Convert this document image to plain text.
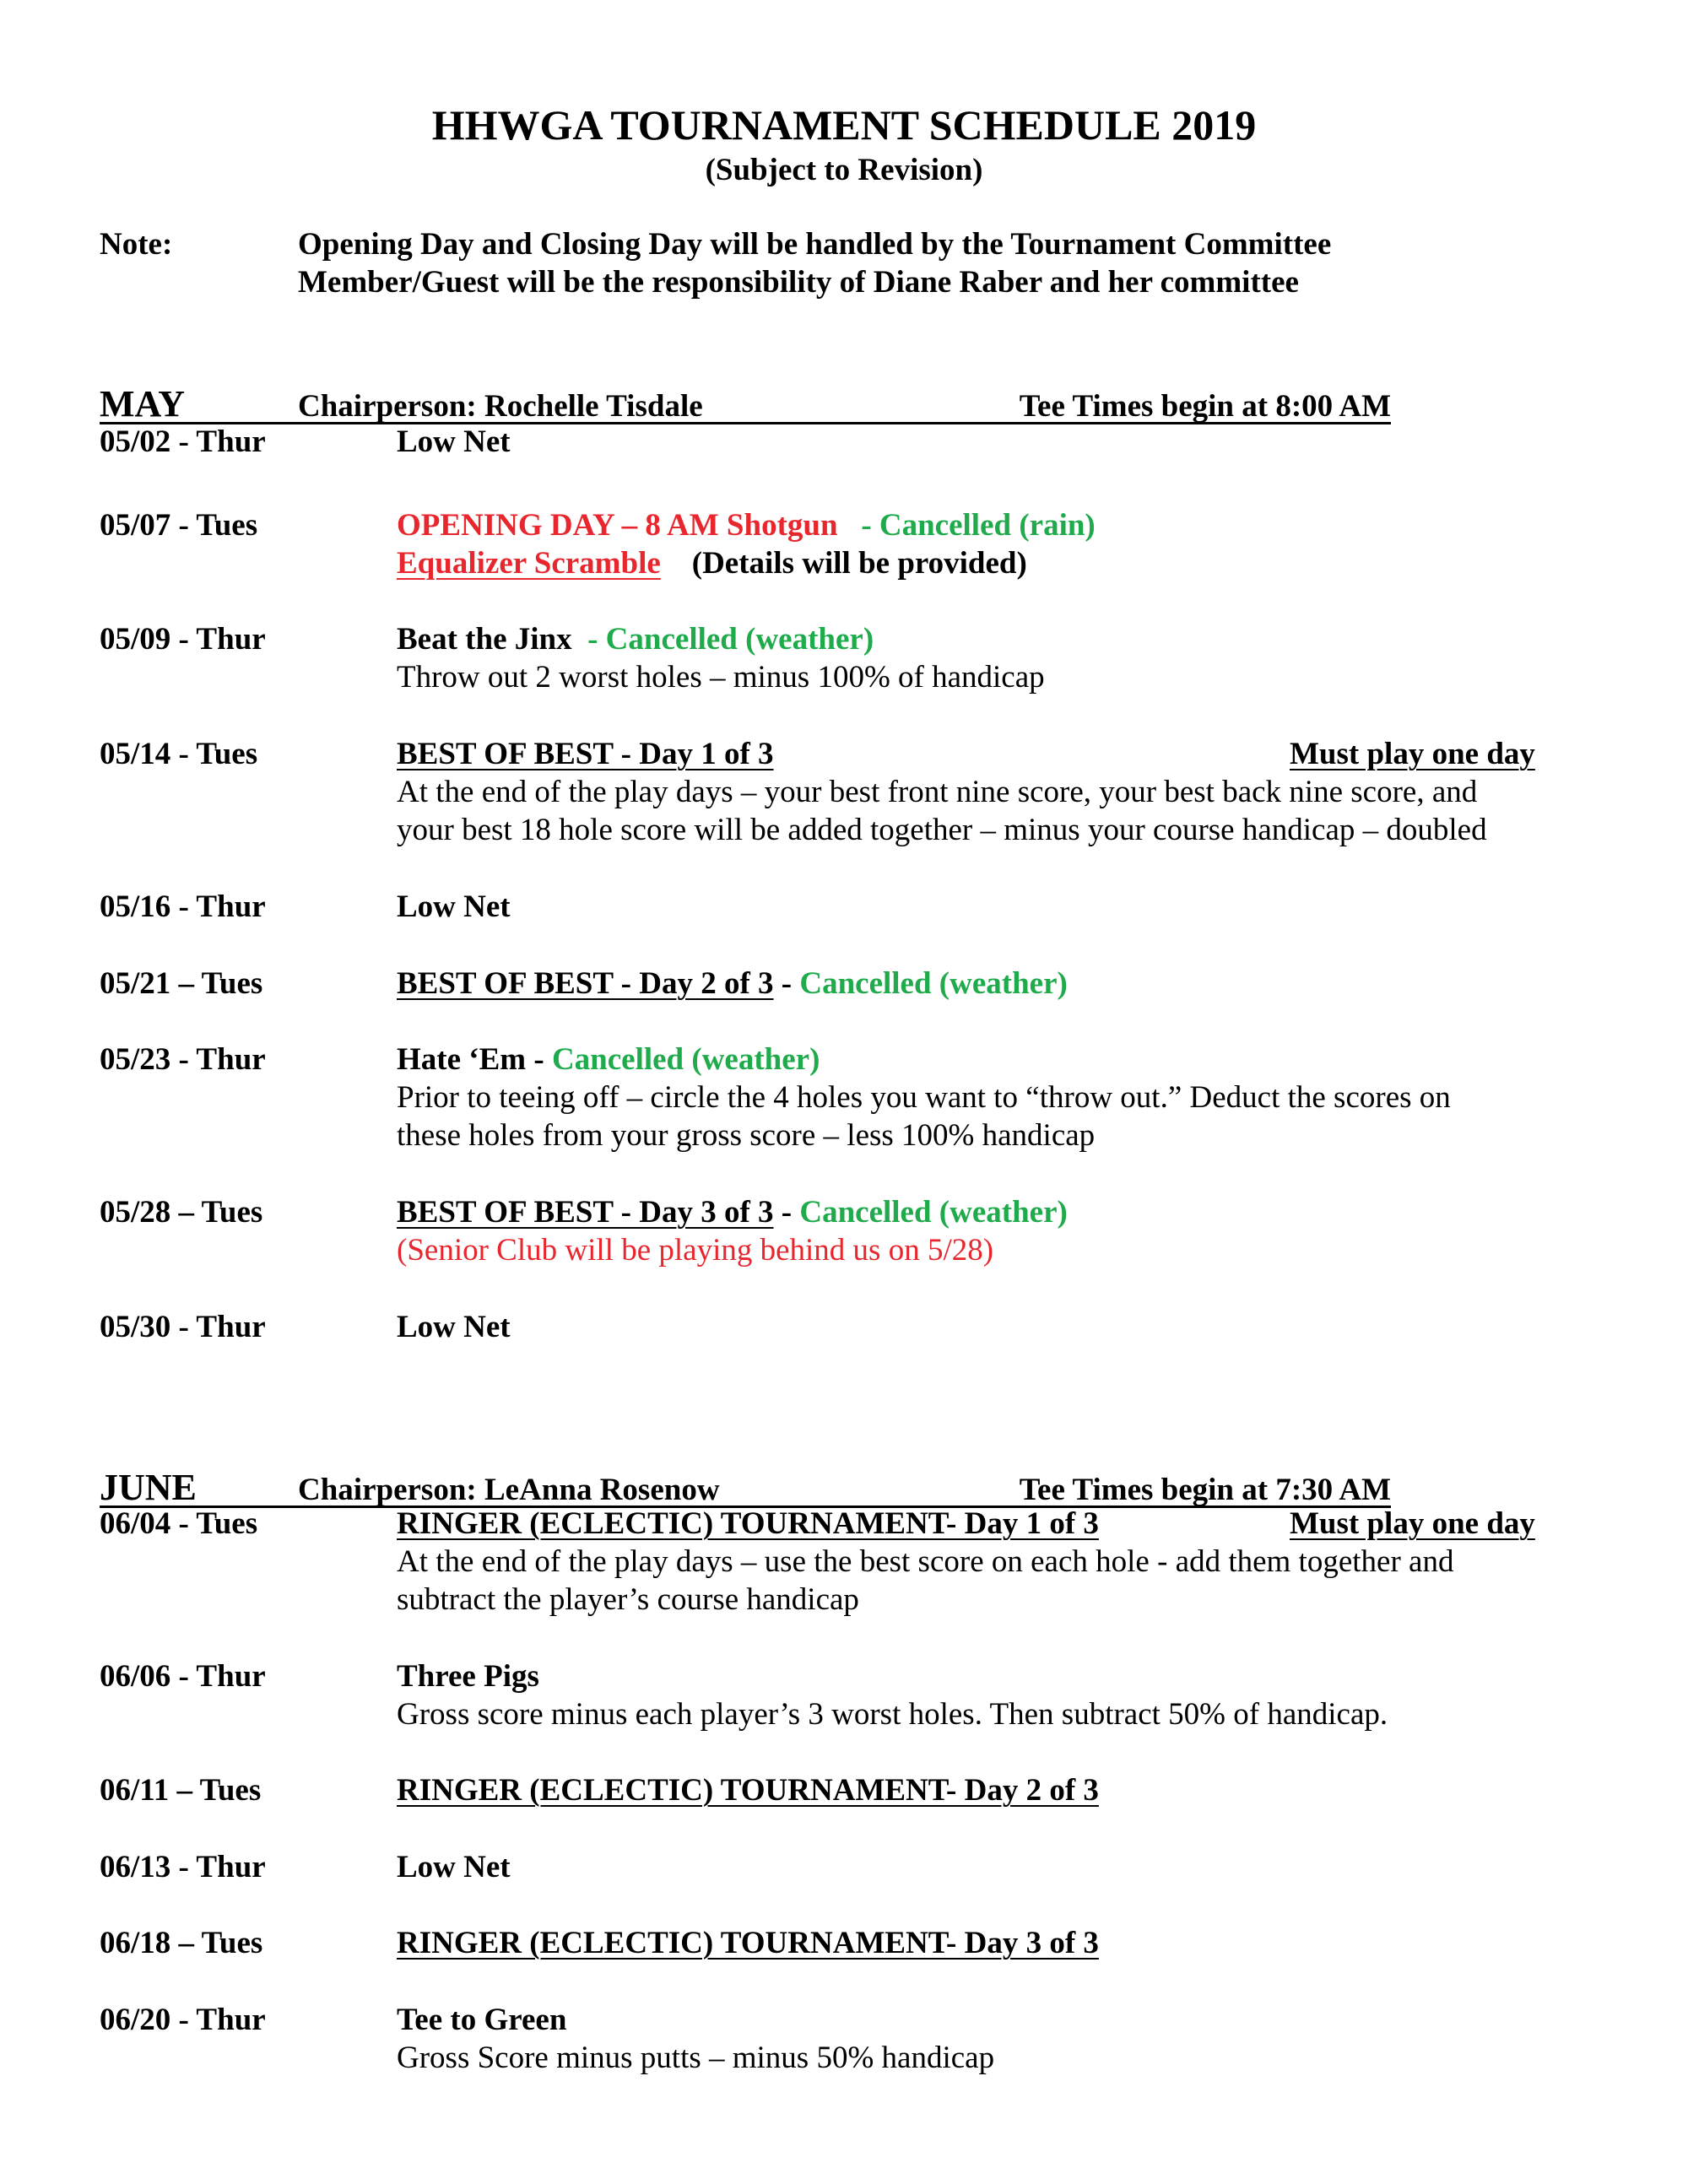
HHWGA TOURNAMENT SCHEDULE 2019
(Subject to Revision)
Note:	Opening Day and Closing Day will be handled by the Tournament Committee
Member/Guest will be the responsibility of Diane Raber and her committee
MAY	Chairperson: Rochelle Tisdale	Tee Times begin at 8:00 AM
05/02 - Thur	Low Net
05/07 - Tues	OPENING DAY – 8 AM Shotgun - Cancelled (rain)
Equalizer Scramble (Details will be provided)
05/09 - Thur	Beat the Jinx - Cancelled (weather)
Throw out 2 worst holes – minus 100% of handicap
05/14 - Tues	BEST OF BEST - Day 1 of 3	Must play one day
At the end of the play days – your best front nine score, your best back nine score, and
your best 18 hole score will be added together – minus your course handicap – doubled
05/16 - Thur	Low Net
05/21 – Tues	BEST OF BEST - Day 2 of 3 - Cancelled (weather)
05/23 - Thur	Hate ‘Em - Cancelled (weather)
Prior to teeing off – circle the 4 holes you want to “throw out.” Deduct the scores on
these holes from your gross score – less 100% handicap
05/28 – Tues	BEST OF BEST - Day 3 of 3 - Cancelled (weather)
(Senior Club will be playing behind us on 5/28)
05/30 - Thur	Low Net
JUNE	Chairperson: LeAnna Rosenow	Tee Times begin at 7:30 AM
06/04 - Tues	RINGER (ECLECTIC) TOURNAMENT- Day 1 of 3	Must play one day
At the end of the play days – use the best score on each hole - add them together and
subtract the player’s course handicap
06/06 - Thur	Three Pigs
Gross score minus each player’s 3 worst holes. Then subtract 50% of handicap.
06/11 – Tues	RINGER (ECLECTIC) TOURNAMENT- Day 2 of 3
06/13 - Thur	Low Net
06/18 – Tues	RINGER (ECLECTIC) TOURNAMENT- Day 3 of 3
06/20 - Thur	Tee to Green
Gross Score minus putts – minus 50% handicap
